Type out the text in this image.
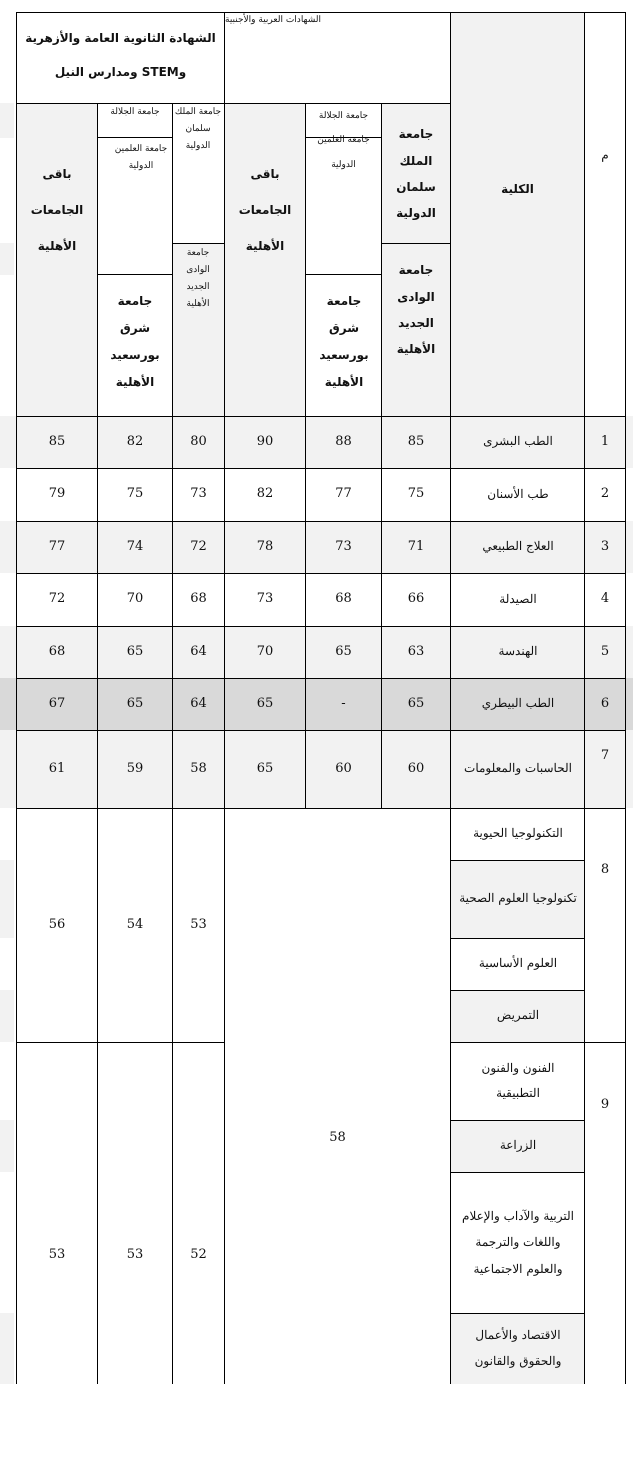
الشهادات العربية والأجنبية
الشهادة الثانوية العامة والأزهرية
وSTEM ومدارس النيل
م
الكلية
جامعة الملك سلمان الدولية
جامعة الوادى الجديد الأهلية
جامعة الجلالة جامعة العلمين الدولية
جامعة شرق بورسعيد الأهلية
باقى الجامعات الأهلية
جامعة الملك سلمان الدولية
جامعة الوادى الجديد الأهلية
جامعة الجلالة
جامعة العلمين الدولية
جامعة شرق بورسعيد الأهلية
باقى الجامعات الأهلية
1
الطب البشرى
85
88
90
80
82
85
2
طب الأسنان
75
77
82
73
75
79
3
العلاج الطبيعي
71
73
78
72
74
77
4
الصيدلة
66
68
73
68
70
72
5
الهندسة
63
65
70
64
65
68
6
الطب البيطري
65
-
65
64
65
67
7
الحاسبات والمعلومات
60
60
65
58
59
61
8
التكنولوجيا الحيوية
تكنولوجيا العلوم الصحية
العلوم الأساسية
التمريض
53
54
56
58
9
الفنون والفنون التطبيقية
الزراعة
التربية والآداب والإعلام واللغات والترجمة والعلوم الاجتماعية
الاقتصاد والأعمال والحقوق والقانون
52
53
53
